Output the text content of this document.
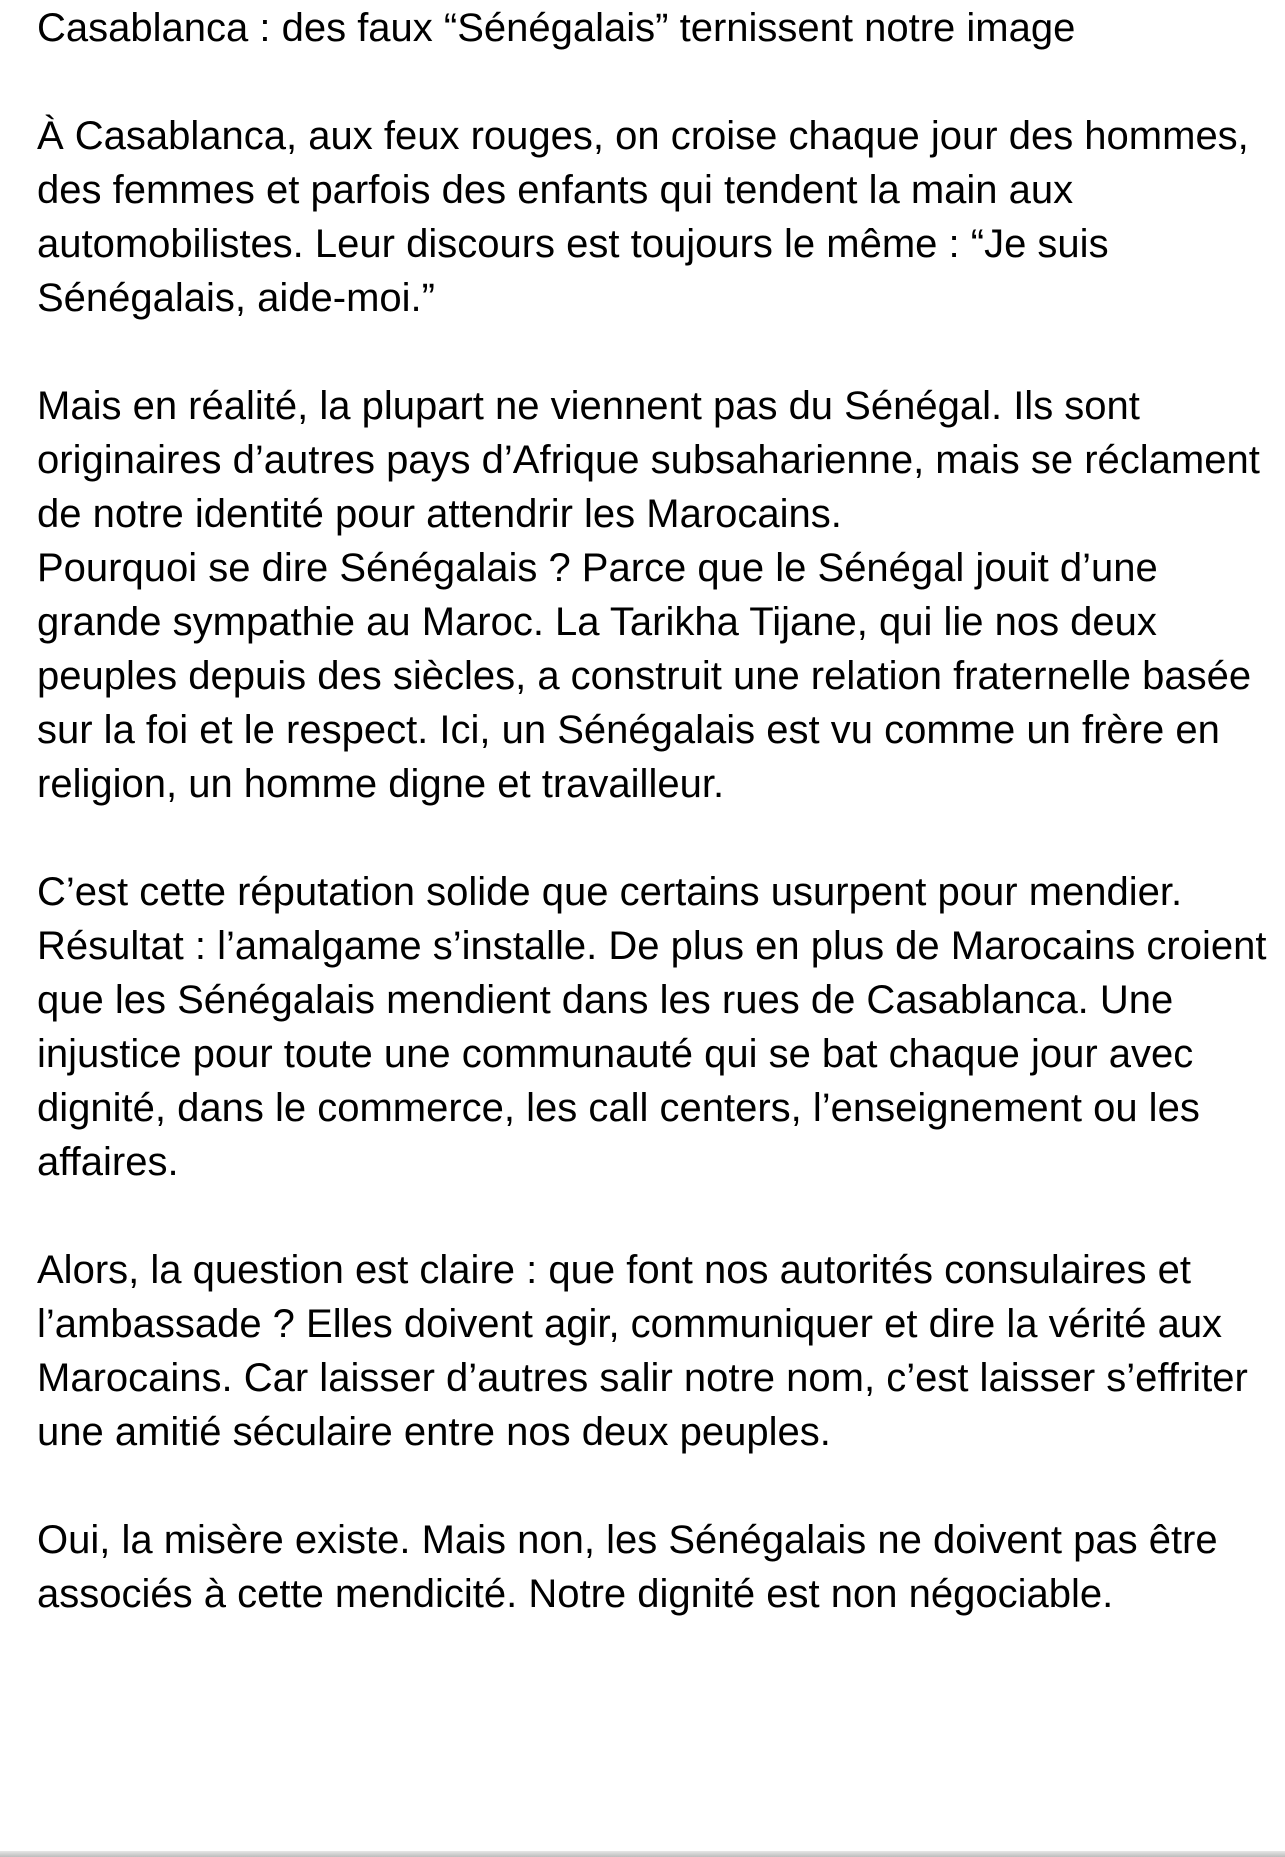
Casablanca : des faux “Sénégalais” ternissent notre image

À Casablanca, aux feux rouges, on croise chaque jour des hommes, des femmes et parfois des enfants qui tendent la main aux automobilistes. Leur discours est toujours le même : “Je suis Sénégalais, aide-moi.”

Mais en réalité, la plupart ne viennent pas du Sénégal. Ils sont originaires d’autres pays d’Afrique subsaharienne, mais se réclament de notre identité pour attendrir les Marocains.

Pourquoi se dire Sénégalais ? Parce que le Sénégal jouit d’une grande sympathie au Maroc. La Tarikha Tijane, qui lie nos deux peuples depuis des siècles, a construit une relation fraternelle basée sur la foi et le respect. Ici, un Sénégalais est vu comme un frère en religion, un homme digne et travailleur.

C’est cette réputation solide que certains usurpent pour mendier. Résultat : l’amalgame s’installe. De plus en plus de Marocains croient que les Sénégalais mendient dans les rues de Casablanca. Une injustice pour toute une communauté qui se bat chaque jour avec dignité, dans le commerce, les call centers, l’enseignement ou les affaires.

Alors, la question est claire : que font nos autorités consulaires et l’ambassade ? Elles doivent agir, communiquer et dire la vérité aux Marocains. Car laisser d’autres salir notre nom, c’est laisser s’effriter une amitié séculaire entre nos deux peuples.

Oui, la misère existe. Mais non, les Sénégalais ne doivent pas être associés à cette mendicité. Notre dignité est non négociable.
